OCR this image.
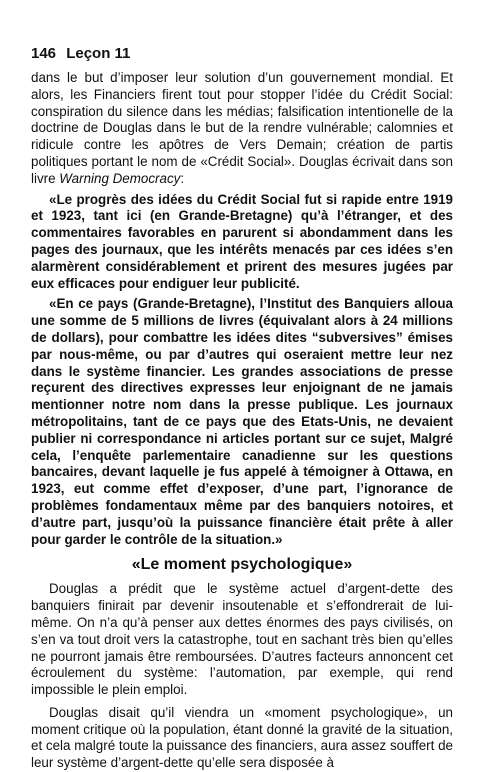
146 Leçon 11

dans le but d’imposer leur solution d’un gouvernement mondial. Et alors, les Financiers firent tout pour stopper l’idée du Crédit Social: conspiration du silence dans les médias; falsification intentionelle de la doctrine de Douglas dans le but de la rendre vulnérable; calomnies et ridicule contre les apôtres de Vers Demain; création de partis politiques portant le nom de «Crédit Social». Douglas écrivait dans son livre Warning Democracy:

«Le progrès des idées du Crédit Social fut si rapide entre 1919 et 1923, tant ici (en Grande-Bretagne) qu’à l’étranger, et des commentaires favorables en parurent si abondamment dans les pages des journaux, que les intérêts menacés par ces idées s’en alarmèrent considérablement et prirent des mesures jugées par eux efficaces pour endiguer leur publicité.

«En ce pays (Grande-Bretagne), l’Institut des Banquiers alloua une somme de 5 millions de livres (équivalant alors à 24 millions de dollars), pour combattre les idées dites “subversives” émises par nous-même, ou par d’autres qui oseraient mettre leur nez dans le système financier. Les grandes associations de presse reçurent des directives expresses leur enjoignant de ne jamais mentionner notre nom dans la presse publique. Les journaux métropolitains, tant de ce pays que des Etats-Unis, ne devaient publier ni correspondance ni articles portant sur ce sujet, Malgré cela, l’enquête parlementaire canadienne sur les questions bancaires, devant laquelle je fus appelé à témoigner à Ottawa, en 1923, eut comme effet d’exposer, d’une part, l’ignorance de problèmes fondamentaux même par des banquiers notoires, et d’autre part, jusqu’où la puissance financière était prête à aller pour garder le contrôle de la situation.»

«Le moment psychologique»

Douglas a prédit que le système actuel d’argent-dette des banquiers finirait par devenir insoutenable et s’effondrerait de lui-même. On n’a qu’à penser aux dettes énormes des pays civilisés, on s’en va tout droit vers la catastrophe, tout en sachant très bien qu’elles ne pourront jamais être remboursées. D’autres facteurs annoncent cet écroulement du système: l’automation, par exemple, qui rend impossible le plein emploi.

Douglas disait qu’il viendra un «moment psychologique», un moment critique où la population, étant donné la gravité de la situation, et cela malgré toute la puissance des financiers, aura assez souffert de leur système d’argent-dette qu’elle sera disposée à
